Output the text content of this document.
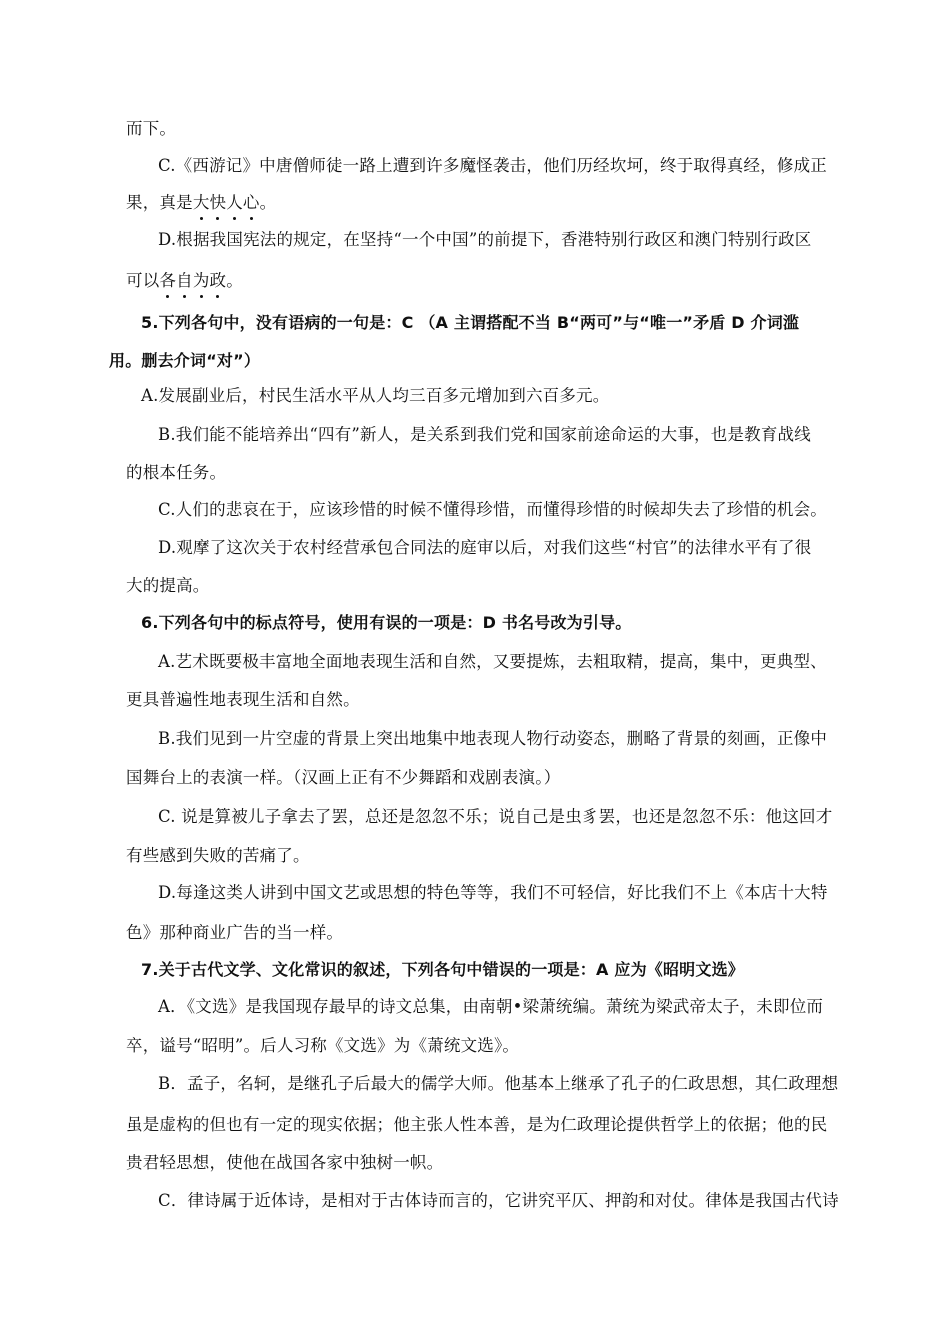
而下。
C.《西游记》中唐僧师徒一路上遭到许多魔怪袭击，他们历经坎坷，终于取得真经，修成正
果，真是大快人心。
D.根据我国宪法的规定，在坚持“一个中国”的前提下，香港特别行政区和澳门特别行政区
可以各自为政。
5.下列各句中，没有语病的一句是：C （A 主谓搭配不当 B“两可”与“唯一”矛盾 D 介词滥
用。删去介词“对”）
A.发展副业后，村民生活水平从人均三百多元增加到六百多元。
B.我们能不能培养出“四有”新人，是关系到我们党和国家前途命运的大事，也是教育战线
的根本任务。
C.人们的悲哀在于，应该珍惜的时候不懂得珍惜，而懂得珍惜的时候却失去了珍惜的机会。
D.观摩了这次关于农村经营承包合同法的庭审以后，对我们这些“村官”的法律水平有了很
大的提高。
6.下列各句中的标点符号，使用有误的一项是：D 书名号改为引导。
A.艺术既要极丰富地全面地表现生活和自然，又要提炼，去粗取精，提高，集中，更典型、
更具普遍性地表现生活和自然。
B.我们见到一片空虚的背景上突出地集中地表现人物行动姿态，删略了背景的刻画，正像中
国舞台上的表演一样。（汉画上正有不少舞蹈和戏剧表演。）
C. 说是算被儿子拿去了罢，总还是忽忽不乐；说自己是虫豸罢，也还是忽忽不乐：他这回才
有些感到失败的苦痛了。
D.每逢这类人讲到中国文艺或思想的特色等等，我们不可轻信，好比我们不上《本店十大特
色》那种商业广告的当一样。
7.关于古代文学、文化常识的叙述，下列各句中错误的一项是：A 应为《昭明文选》
A．《文选》是我国现存最早的诗文总集，由南朝•梁萧统编。萧统为梁武帝太子，未即位而
卒，谥号“昭明”。后人习称《文选》为《萧统文选》。
B．孟子，名轲，是继孔子后最大的儒学大师。他基本上继承了孔子的仁政思想，其仁政理想
虽是虚构的但也有一定的现实依据；他主张人性本善，是为仁政理论提供哲学上的依据；他的民
贵君轻思想，使他在战国各家中独树一帜。
C．律诗属于近体诗，是相对于古体诗而言的，它讲究平仄、押韵和对仗。律体是我国古代诗
